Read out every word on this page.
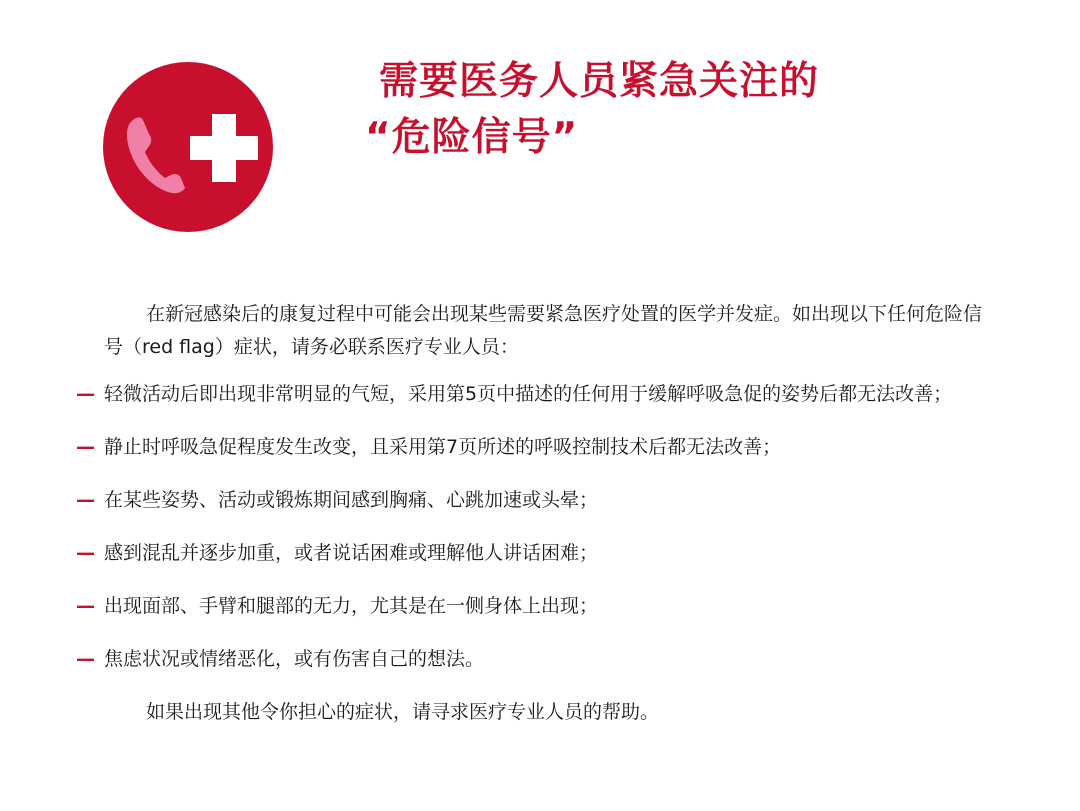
需要医务人员紧急关注的
“危险信号”

在新冠感染后的康复过程中可能会出现某些需要紧急医疗处置的医学并发症。如出现以下任何危险信号（red flag）症状，请务必联系医疗专业人员：

— 轻微活动后即出现非常明显的气短，采用第5页中描述的任何用于缓解呼吸急促的姿势后都无法改善；
— 静止时呼吸急促程度发生改变，且采用第7页所述的呼吸控制技术后都无法改善；
— 在某些姿势、活动或锻炼期间感到胸痛、心跳加速或头晕；
— 感到混乱并逐步加重，或者说话困难或理解他人讲话困难；
— 出现面部、手臂和腿部的无力，尤其是在一侧身体上出现；
— 焦虑状况或情绪恶化，或有伤害自己的想法。

如果出现其他令你担心的症状，请寻求医疗专业人员的帮助。
